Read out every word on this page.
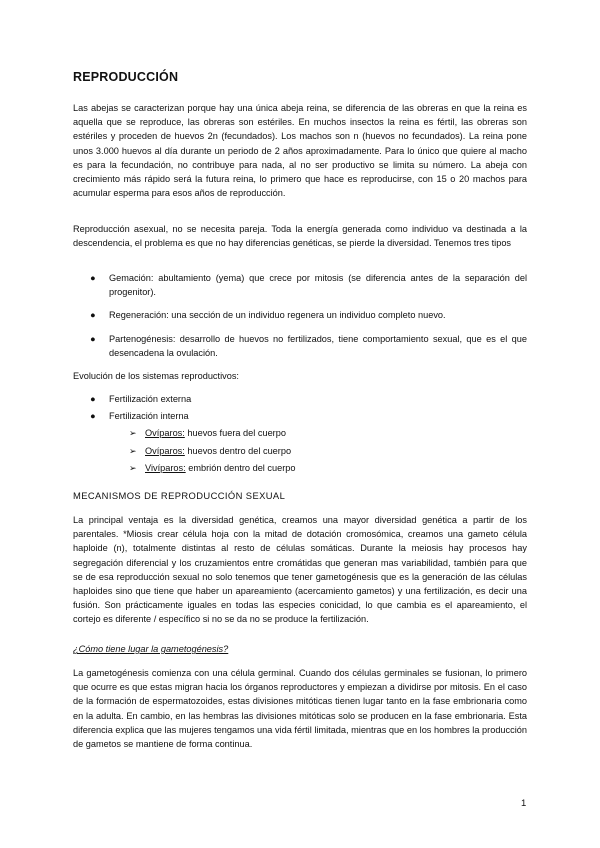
REPRODUCCIÓN

Las abejas se caracterizan porque hay una única abeja reina, se diferencia de las obreras en que la reina es aquella que se reproduce, las obreras son estériles. En muchos insectos la reina es fértil, las obreras son estériles y proceden de huevos 2n (fecundados). Los machos son n (huevos no fecundados). La reina pone unos 3.000 huevos al día durante un periodo de 2 años aproximadamente. Para lo único que quiere al macho es para la fecundación, no contribuye para nada, al no ser productivo se limita su número. La abeja con crecimiento más rápido será la futura reina, lo primero que hace es reproducirse, con 15 o 20 machos para acumular esperma para esos años de reproducción.

Reproducción asexual, no se necesita pareja. Toda la energía generada como individuo va destinada a la descendencia, el problema es que no hay diferencias genéticas, se pierde la diversidad. Tenemos tres tipos

● Gemación: abultamiento (yema) que crece por mitosis (se diferencia antes de la separación del progenitor).
● Regeneración: una sección de un individuo regenera un individuo completo nuevo.
● Partenogénesis: desarrollo de huevos no fertilizados, tiene comportamiento sexual, que es el que desencadena la ovulación.

Evolución de los sistemas reproductivos:

● Fertilización externa
● Fertilización interna
➢ Ovíparos: huevos fuera del cuerpo
➢ Ovíparos: huevos dentro del cuerpo
➢ Vivíparos: embrión dentro del cuerpo

MECANISMOS DE REPRODUCCIÓN SEXUAL

La principal ventaja es la diversidad genética, creamos una mayor diversidad genética a partir de los parentales. *Miosis crear célula hoja con la mitad de dotación cromosómica, creamos una gameto célula haploide (n), totalmente distintas al resto de células somáticas. Durante la meiosis hay procesos hay segregación diferencial y los cruzamientos entre cromátidas que generan mas variabilidad, también para que se de esa reproducción sexual no solo tenemos que tener gametogénesis que es la generación de las células haploides sino que tiene que haber un apareamiento (acercamiento gametos) y una fertilización, es decir una fusión. Son prácticamente iguales en todas las especies conicidad, lo que cambia es el apareamiento, el cortejo es diferente / específico si no se da no se produce la fertilización.

¿Cómo tiene lugar la gametogénesis?

La gametogénesis comienza con una célula germinal. Cuando dos células germinales se fusionan, lo primero que ocurre es que estas migran hacia los órganos reproductores y empiezan a dividirse por mitosis. En el caso de la formación de espermatozoides, estas divisiones mitóticas tienen lugar tanto en la fase embrionaria como en la adulta. En cambio, en las hembras las divisiones mitóticas solo se producen en la fase embrionaria. Esta diferencia explica que las mujeres tengamos una vida fértil limitada, mientras que en los hombres la producción de gametos se mantiene de forma continua.

1
